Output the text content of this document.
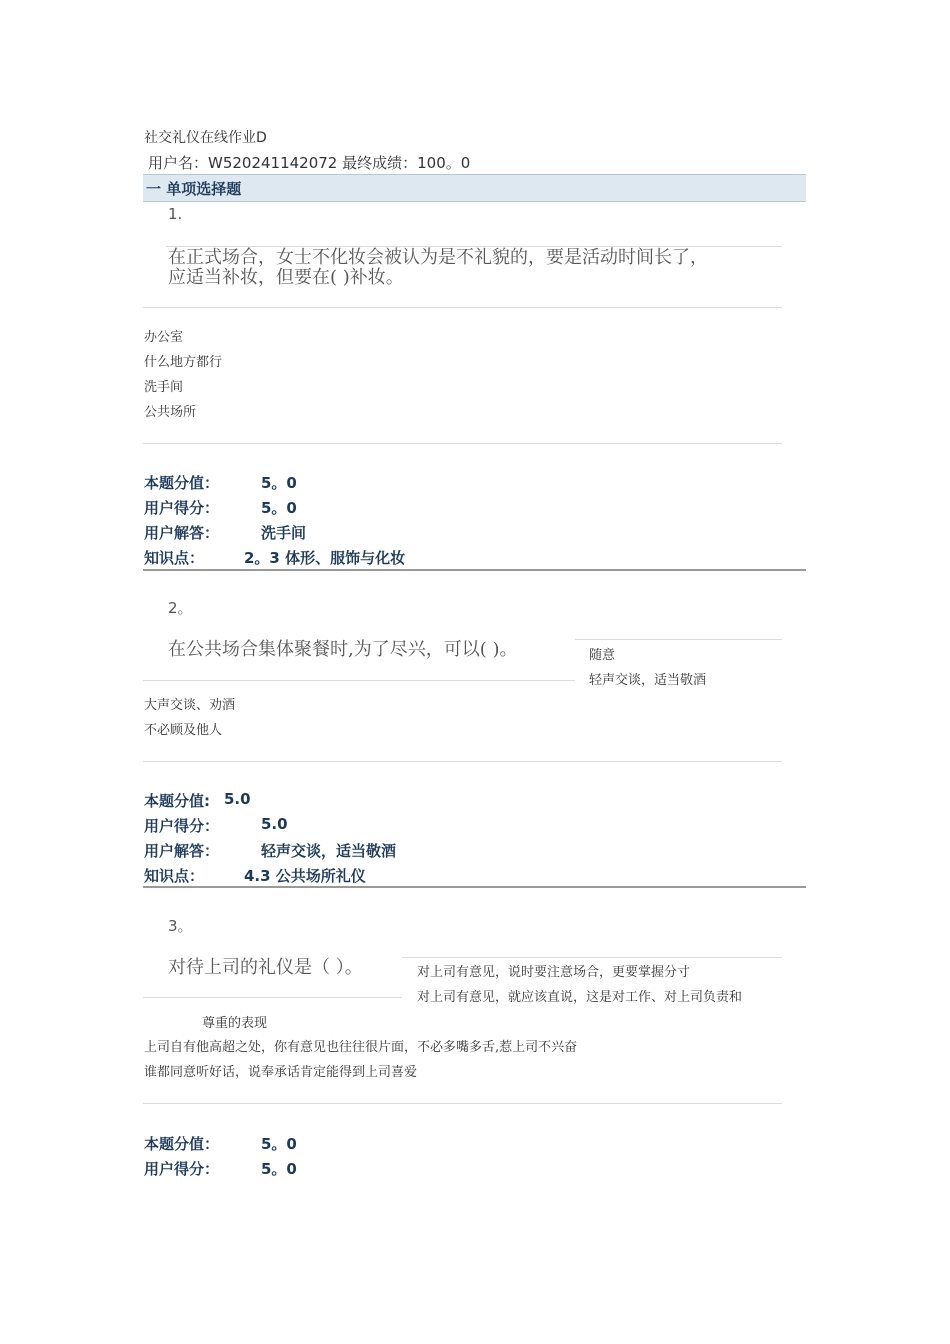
社交礼仪在线作业D
用户名：W520241142072 最终成绩：100。0
一 单项选择题
1.
在正式场合，女士不化妆会被认为是不礼貌的，要是活动时间长了，
应适当补妆，但要在( )补妆。
办公室
什么地方都行
洗手间
公共场所
本题分值：	5。0
用户得分：	5。0
用户解答：	洗手间
知识点：	2。3 体形、服饰与化妆
2。
在公共场合集体聚餐时,为了尽兴，可以( )。	随意
轻声交谈，适当敬酒
大声交谈、劝酒
不必顾及他人
本题分值: 5.0
用户得分：	5.0
用户解答：	轻声交谈，适当敬酒
知识点：	4.3 公共场所礼仪
3。
对待上司的礼仪是（ ）。	对上司有意见，说时要注意场合，更要掌握分寸
对上司有意见，就应该直说，这是对工作、对上司负责和
尊重的表现
上司自有他高超之处，你有意见也往往很片面，不必多嘴多舌,惹上司不兴奋
谁都同意听好话，说奉承话肯定能得到上司喜爱
本题分值：	5。0
用户得分：	5。0
